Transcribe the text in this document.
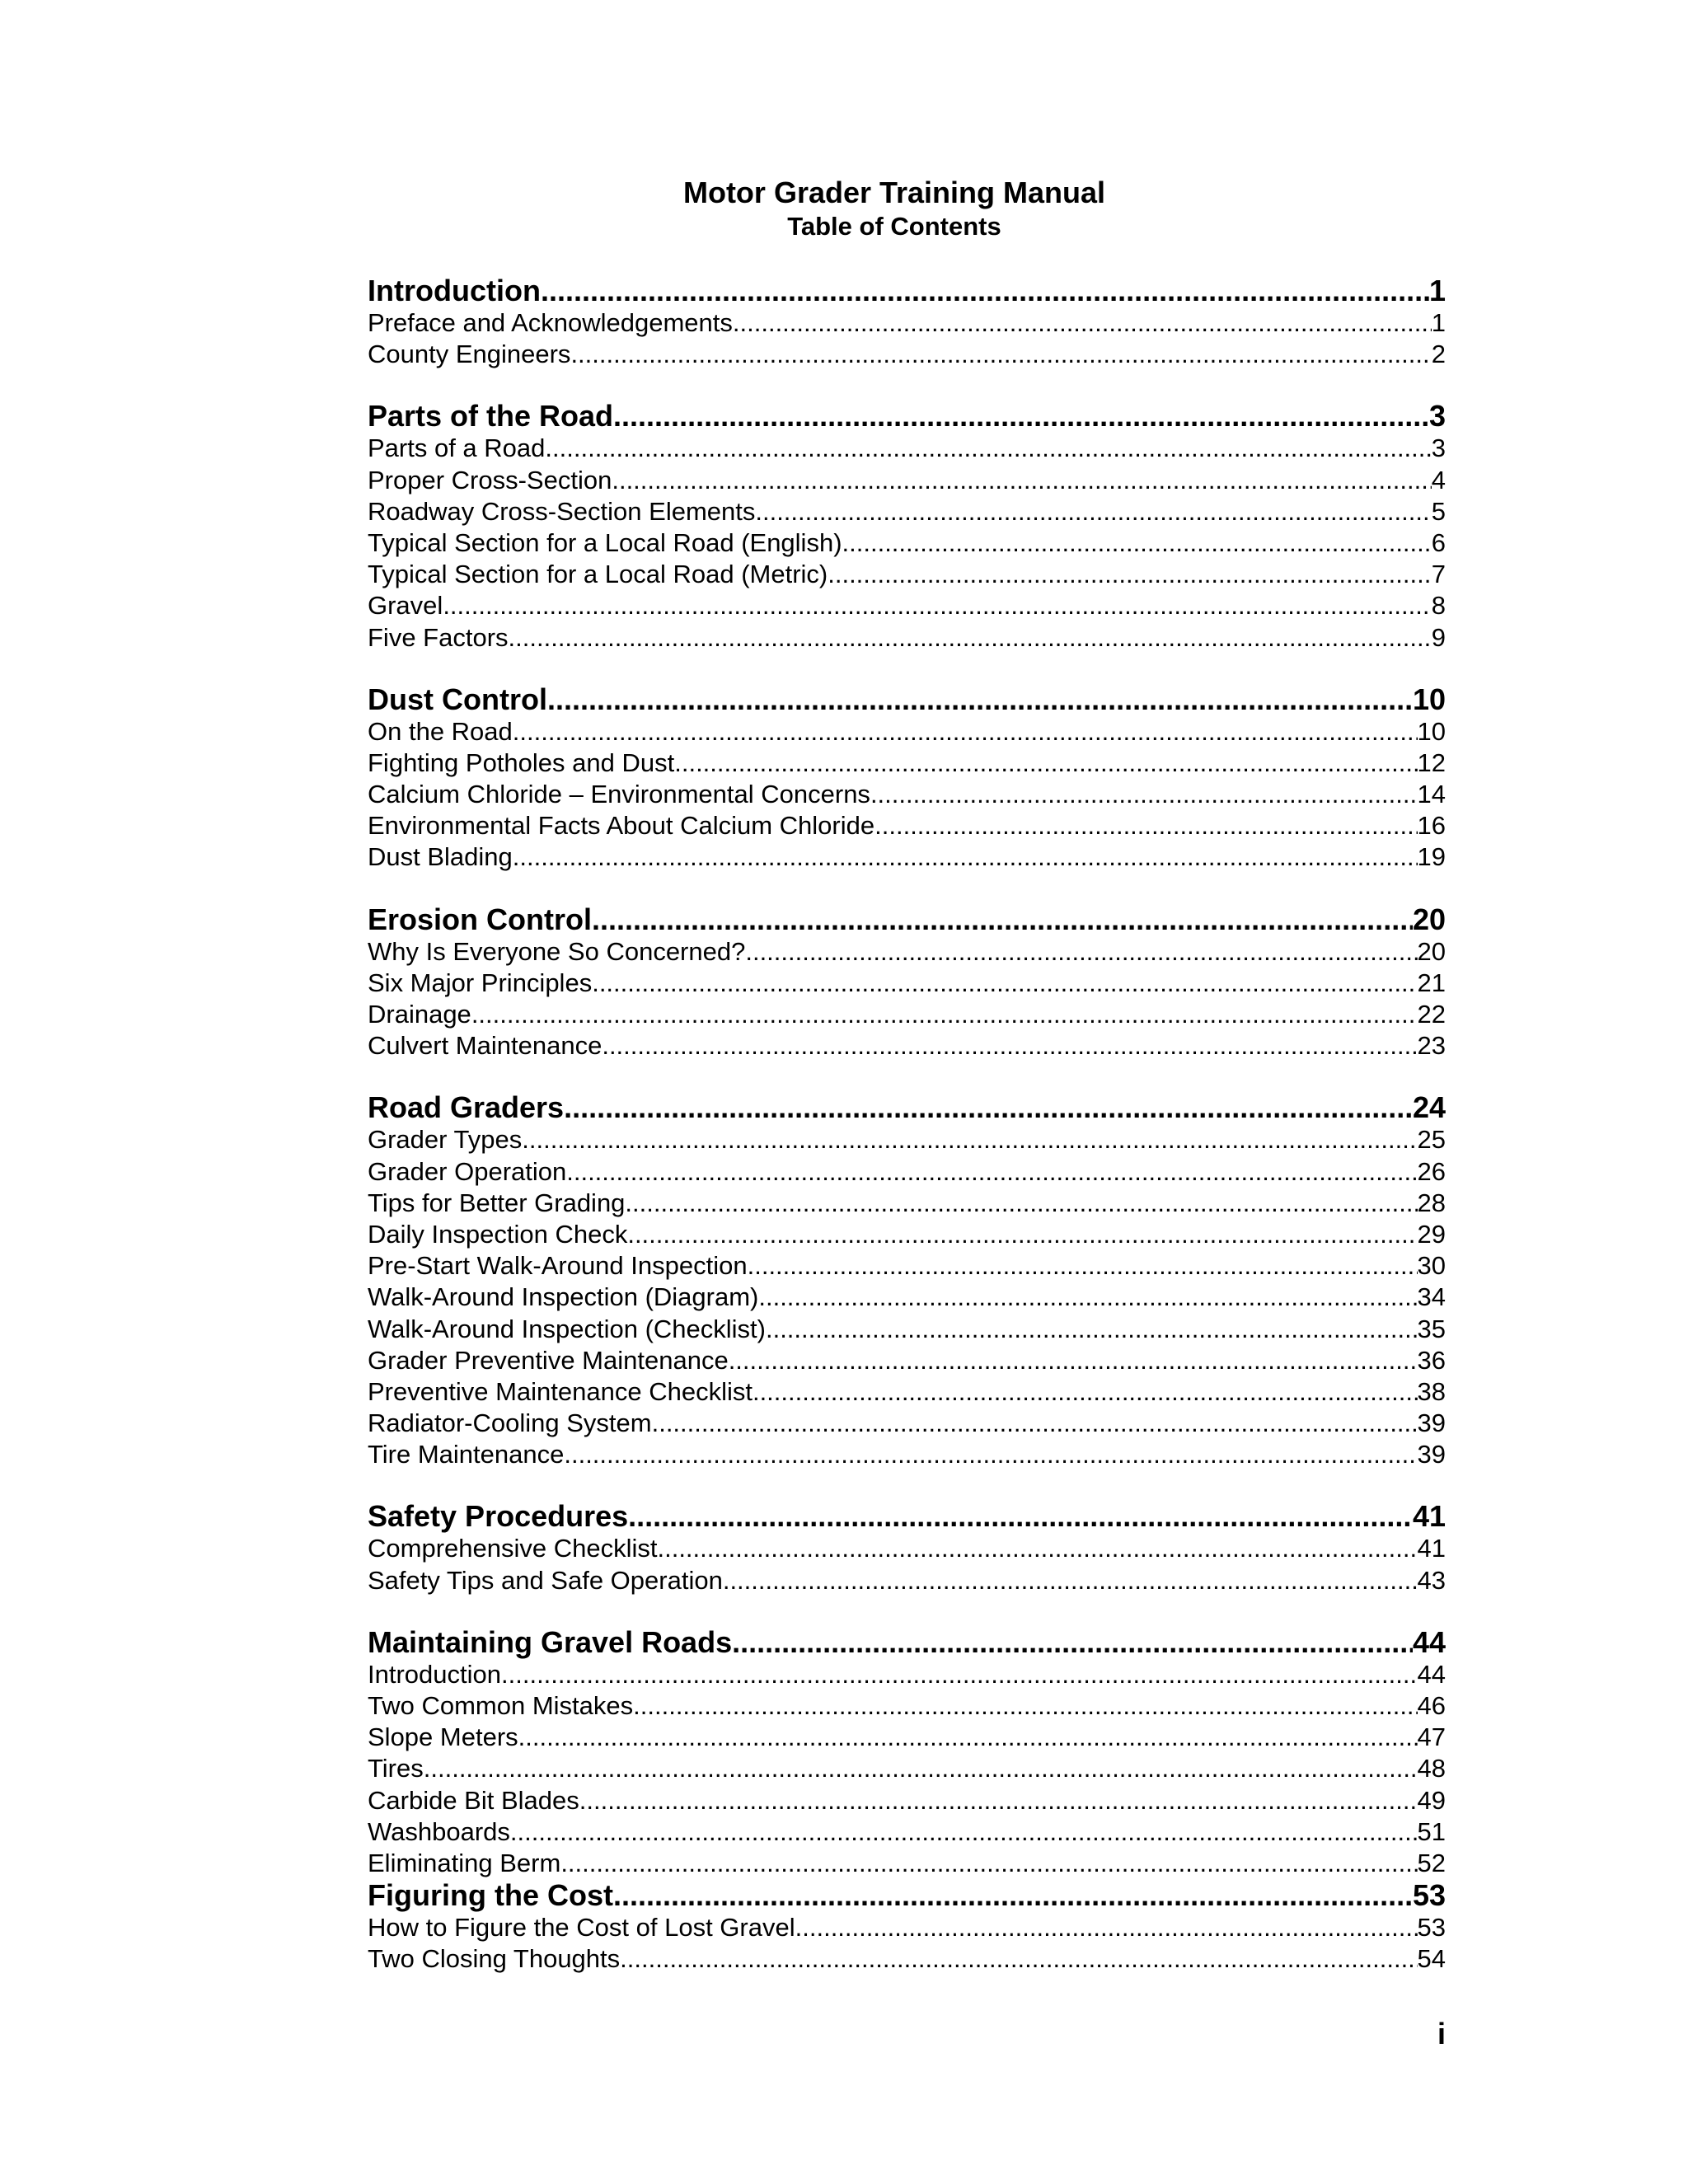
Motor Grader Training Manual
Table of Contents
Introduction .....	1
Preface and Acknowledgements .....	1
County Engineers .....	2
Parts of the Road .....	3
Parts of a Road .....	3
Proper Cross-Section .....	4
Roadway Cross-Section Elements .....	5
Typical Section for a Local Road (English) .....	6
Typical Section for a Local Road (Metric) .....	7
Gravel .....	8
Five Factors .....	9
Dust Control .....	10
On the Road .....	10
Fighting Potholes and Dust .....	12
Calcium Chloride – Environmental Concerns .....	14
Environmental Facts About Calcium Chloride .....	16
Dust Blading .....	19
Erosion Control .....	20
Why Is Everyone So Concerned? .....	20
Six Major Principles .....	21
Drainage .....	22
Culvert Maintenance .....	23
Road Graders .....	24
Grader Types .....	25
Grader Operation .....	26
Tips for Better Grading .....	28
Daily Inspection Check .....	29
Pre-Start Walk-Around Inspection .....	30
Walk-Around Inspection (Diagram) .....	34
Walk-Around Inspection (Checklist) .....	35
Grader Preventive Maintenance .....	36
Preventive Maintenance Checklist .....	38
Radiator-Cooling System .....	39
Tire Maintenance .....	39
Safety Procedures .....	41
Comprehensive Checklist .....	41
Safety Tips and Safe Operation .....	43
Maintaining Gravel Roads .....	44
Introduction .....	44
Two Common Mistakes .....	46
Slope Meters .....	47
Tires .....	48
Carbide Bit Blades .....	49
Washboards .....	51
Eliminating Berm .....	52
Figuring the Cost .....	53
How to Figure the Cost of Lost Gravel .....	53
Two Closing Thoughts .....	54
i
